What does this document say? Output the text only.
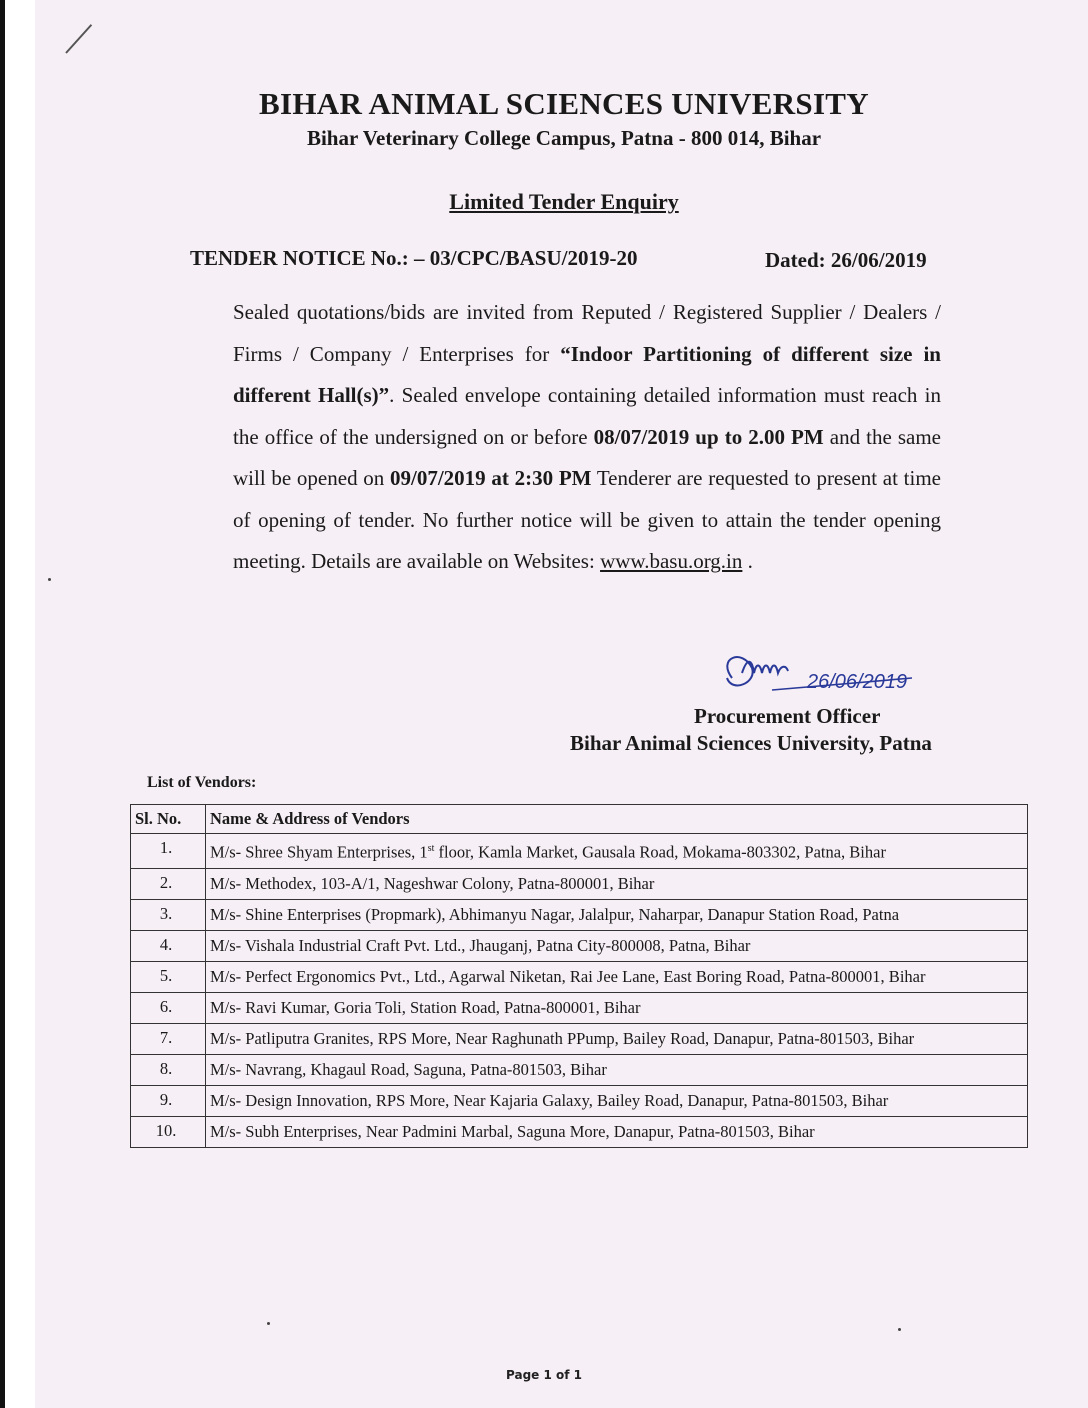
BIHAR ANIMAL SCIENCES UNIVERSITY
Bihar Veterinary College Campus, Patna - 800 014, Bihar
Limited Tender Enquiry
TENDER NOTICE No.: – 03/CPC/BASU/2019-20	Dated: 26/06/2019
Sealed quotations/bids are invited from Reputed / Registered Supplier / Dealers / Firms / Company / Enterprises for “Indoor Partitioning of different size in different Hall(s)”. Sealed envelope containing detailed information must reach in the office of the undersigned on or before 08/07/2019 up to 2.00 PM and the same will be opened on 09/07/2019 at 2:30 PM Tenderer are requested to present at time of opening of tender. No further notice will be given to attain the tender opening meeting. Details are available on Websites: www.basu.org.in .
26/06/2019
Procurement Officer
Bihar Animal Sciences University, Patna
List of Vendors:
Sl. No.	Name & Address of Vendors
1.	M/s- Shree Shyam Enterprises, 1st floor, Kamla Market, Gausala Road, Mokama-803302, Patna, Bihar
2.	M/s- Methodex, 103-A/1, Nageshwar Colony, Patna-800001, Bihar
3.	M/s- Shine Enterprises (Propmark), Abhimanyu Nagar, Jalalpur, Naharpar, Danapur Station Road, Patna
4.	M/s- Vishala Industrial Craft Pvt. Ltd., Jhauganj, Patna City-800008, Patna, Bihar
5.	M/s- Perfect Ergonomics Pvt., Ltd., Agarwal Niketan, Rai Jee Lane, East Boring Road, Patna-800001, Bihar
6.	M/s- Ravi Kumar, Goria Toli, Station Road, Patna-800001, Bihar
7.	M/s- Patliputra Granites, RPS More, Near Raghunath PPump, Bailey Road, Danapur, Patna-801503, Bihar
8.	M/s- Navrang, Khagaul Road, Saguna, Patna-801503, Bihar
9.	M/s- Design Innovation, RPS More, Near Kajaria Galaxy, Bailey Road, Danapur, Patna-801503, Bihar
10.	M/s- Subh Enterprises, Near Padmini Marbal, Saguna More, Danapur, Patna-801503, Bihar
Page 1 of 1
